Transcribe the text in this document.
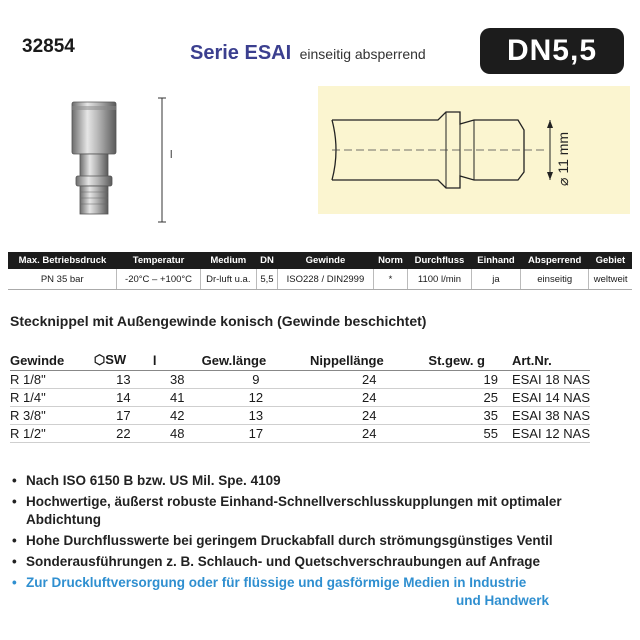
32854	Serie ESAI einseitig absperrend	DN5,5
l	⌀ 11 mm
Max. Betriebsdruck	Temperatur	Medium	DN	Gewinde	Norm	Durchfluss	Einhand	Absperrend	Gebiet
PN 35 bar	-20°C – +100°C	Dr-luft u.a.	5,5	ISO228 / DIN2999	*	1100 l/min	ja	einseitig	weltweit
Stecknippel mit Außengewinde konisch (Gewinde beschichtet)
Gewinde	⬡SW	l	Gew.länge	Nippellänge	St.gew. g	Art.Nr.
R 1/8"	13	38	9	24	19	ESAI 18 NAS
R 1/4"	14	41	12	24	25	ESAI 14 NAS
R 3/8"	17	42	13	24	35	ESAI 38 NAS
R 1/2"	22	48	17	24	55	ESAI 12 NAS
• Nach ISO 6150 B bzw. US Mil. Spe. 4109
• Hochwertige, äußerst robuste Einhand-Schnellverschlusskupplungen mit optimaler
Abdichtung
• Hohe Durchflusswerte bei geringem Druckabfall durch strömungsgünstiges Ventil
• Sonderausführungen z. B. Schlauch- und Quetschverschraubungen auf Anfrage
• Zur Druckluftversorgung oder für flüssige und gasförmige Medien in Industrie
und Handwerk
